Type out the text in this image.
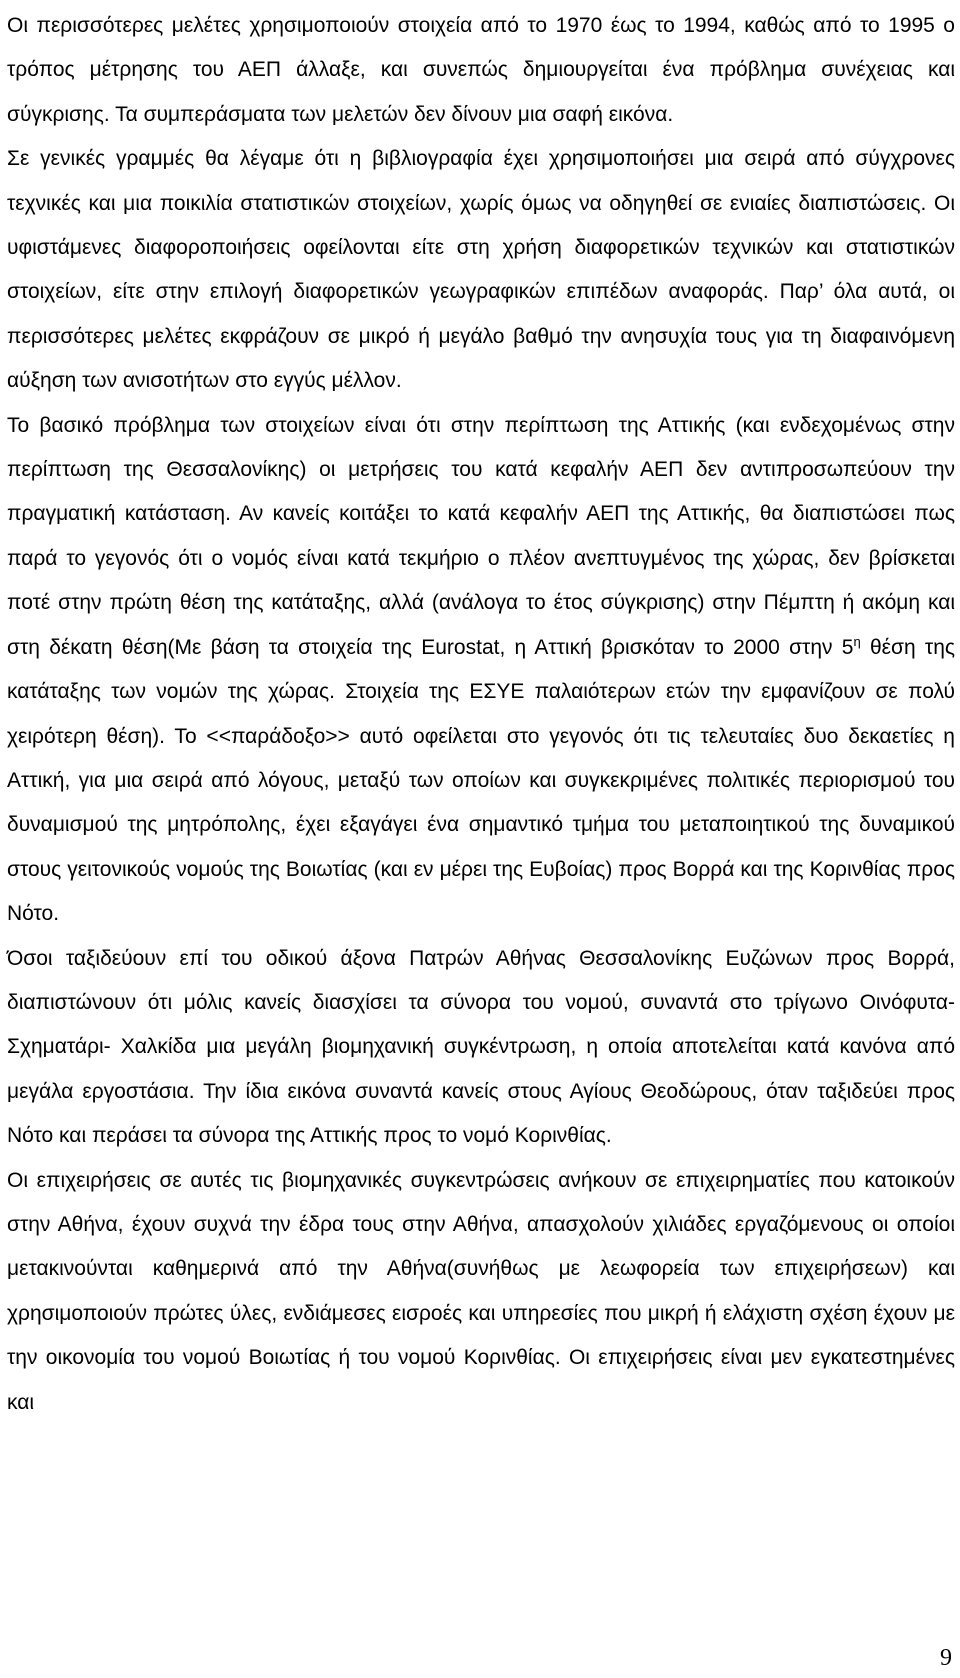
Οι περισσότερες μελέτες χρησιμοποιούν στοιχεία από το 1970 έως το 1994, καθώς από το 1995 ο τρόπος μέτρησης του ΑΕΠ άλλαξε, και συνεπώς δημιουργείται ένα πρόβλημα συνέχειας και σύγκρισης. Τα συμπεράσματα των μελετών δεν δίνουν μια σαφή εικόνα.

Σε γενικές γραμμές θα λέγαμε ότι η βιβλιογραφία έχει χρησιμοποιήσει μια σειρά από σύγχρονες τεχνικές και μια ποικιλία στατιστικών στοιχείων, χωρίς όμως να οδηγηθεί σε ενιαίες διαπιστώσεις. Οι υφιστάμενες διαφοροποιήσεις οφείλονται είτε στη χρήση διαφορετικών τεχνικών και στατιστικών στοιχείων, είτε στην επιλογή διαφορετικών γεωγραφικών επιπέδων αναφοράς. Παρ’ όλα αυτά, οι περισσότερες μελέτες εκφράζουν σε μικρό ή μεγάλο βαθμό την ανησυχία τους για τη διαφαινόμενη αύξηση των ανισοτήτων στο εγγύς μέλλον.

Το βασικό πρόβλημα των στοιχείων είναι ότι στην περίπτωση της Αττικής (και ενδεχομένως στην περίπτωση της Θεσσαλονίκης) οι μετρήσεις του κατά κεφαλήν ΑΕΠ δεν αντιπροσωπεύουν την πραγματική κατάσταση. Αν κανείς κοιτάξει το κατά κεφαλήν ΑΕΠ της Αττικής, θα διαπιστώσει πως παρά το γεγονός ότι ο νομός είναι κατά τεκμήριο ο πλέον ανεπτυγμένος της χώρας, δεν βρίσκεται ποτέ στην πρώτη θέση της κατάταξης, αλλά (ανάλογα το έτος σύγκρισης) στην Πέμπτη ή ακόμη και στη δέκατη θέση(Με βάση τα στοιχεία της Eurostat, η Αττική βρισκόταν το 2000 στην $5^\eta$ θέση της κατάταξης των νομών της χώρας. Στοιχεία της ΕΣΥΕ παλαιότερων ετών την εμφανίζουν σε πολύ χειρότερη θέση). Το <<παράδοξο>> αυτό οφείλεται στο γεγονός ότι τις τελευταίες δυο δεκαετίες η Αττική, για μια σειρά από λόγους, μεταξύ των οποίων και συγκεκριμένες πολιτικές περιορισμού του δυναμισμού της μητρόπολης, έχει εξαγάγει ένα σημαντικό τμήμα του μεταποιητικού της δυναμικού στους γειτονικούς νομούς της Βοιωτίας (και εν μέρει της Ευβοίας) προς Βορρά και της Κορινθίας προς Νότο.

Όσοι ταξιδεύουν επί του οδικού άξονα Πατρών Αθήνας Θεσσαλονίκης Ευζώνων προς Βορρά, διαπιστώνουν ότι μόλις κανείς διασχίσει τα σύνορα του νομού, συναντά στο τρίγωνο Οινόφυτα- Σχηματάρι- Χαλκίδα μια μεγάλη βιομηχανική συγκέντρωση, η οποία αποτελείται κατά κανόνα από μεγάλα εργοστάσια. Την ίδια εικόνα συναντά κανείς στους Αγίους Θεοδώρους, όταν ταξιδεύει προς Νότο και περάσει τα σύνορα της Αττικής προς το νομό Κορινθίας.

Οι επιχειρήσεις σε αυτές τις βιομηχανικές συγκεντρώσεις ανήκουν σε επιχειρηματίες που κατοικούν στην Αθήνα, έχουν συχνά την έδρα τους στην Αθήνα, απασχολούν χιλιάδες εργαζόμενους οι οποίοι μετακινούνται καθημερινά από την Αθήνα(συνήθως με λεωφορεία των επιχειρήσεων) και χρησιμοποιούν πρώτες ύλες, ενδιάμεσες εισροές και υπηρεσίες που μικρή ή ελάχιστη σχέση έχουν με την οικονομία του νομού Βοιωτίας ή του νομού Κορινθίας. Οι επιχειρήσεις είναι μεν εγκατεστημένες και

9
